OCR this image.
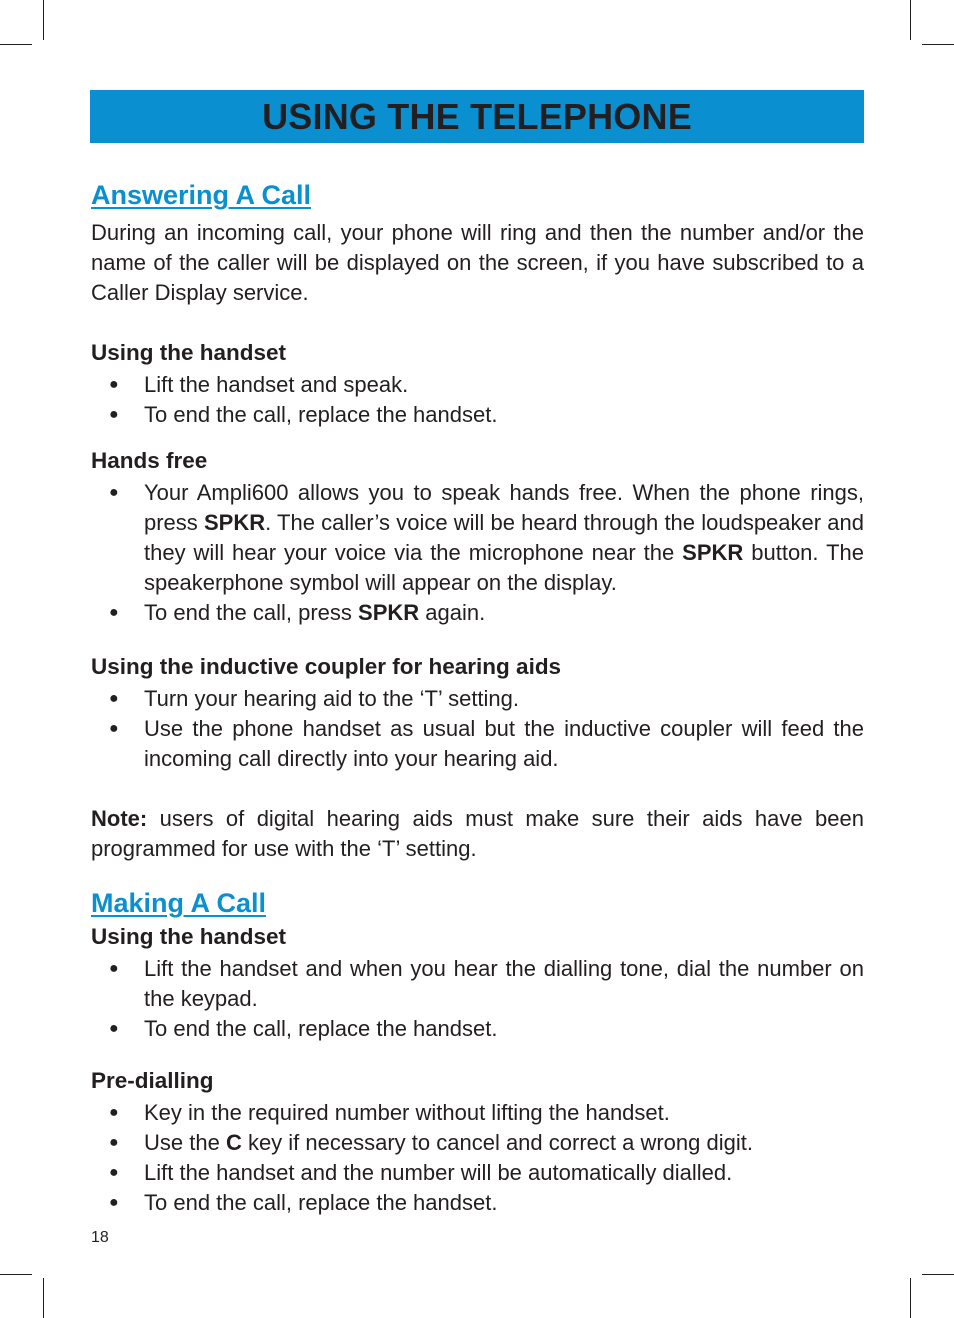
USING THE TELEPHONE
Answering A Call

During an incoming call, your phone will ring and then the number and/or the name of the caller will be displayed on the screen, if you have subscribed to a Caller Display service.

Using the handset

● Lift the handset and speak.
● To end the call, replace the handset.

Hands free

● Your Ampli600 allows you to speak hands free. When the phone rings, press SPKR. The caller’s voice will be heard through the loudspeaker and they will hear your voice via the microphone near the SPKR button. The speakerphone symbol will appear on the display.
● To end the call, press SPKR again.

Using the inductive coupler for hearing aids

● Turn your hearing aid to the ‘T’ setting.
● Use the phone handset as usual but the inductive coupler will feed the incoming call directly into your hearing aid.

Note: users of digital hearing aids must make sure their aids have been programmed for use with the ‘T’ setting.

Making A Call

Using the handset

● Lift the handset and when you hear the dialling tone, dial the number on the keypad.
● To end the call, replace the handset.

Pre-dialling

● Key in the required number without lifting the handset.
● Use the C key if necessary to cancel and correct a wrong digit.
● Lift the handset and the number will be automatically dialled.
● To end the call, replace the handset.
18
